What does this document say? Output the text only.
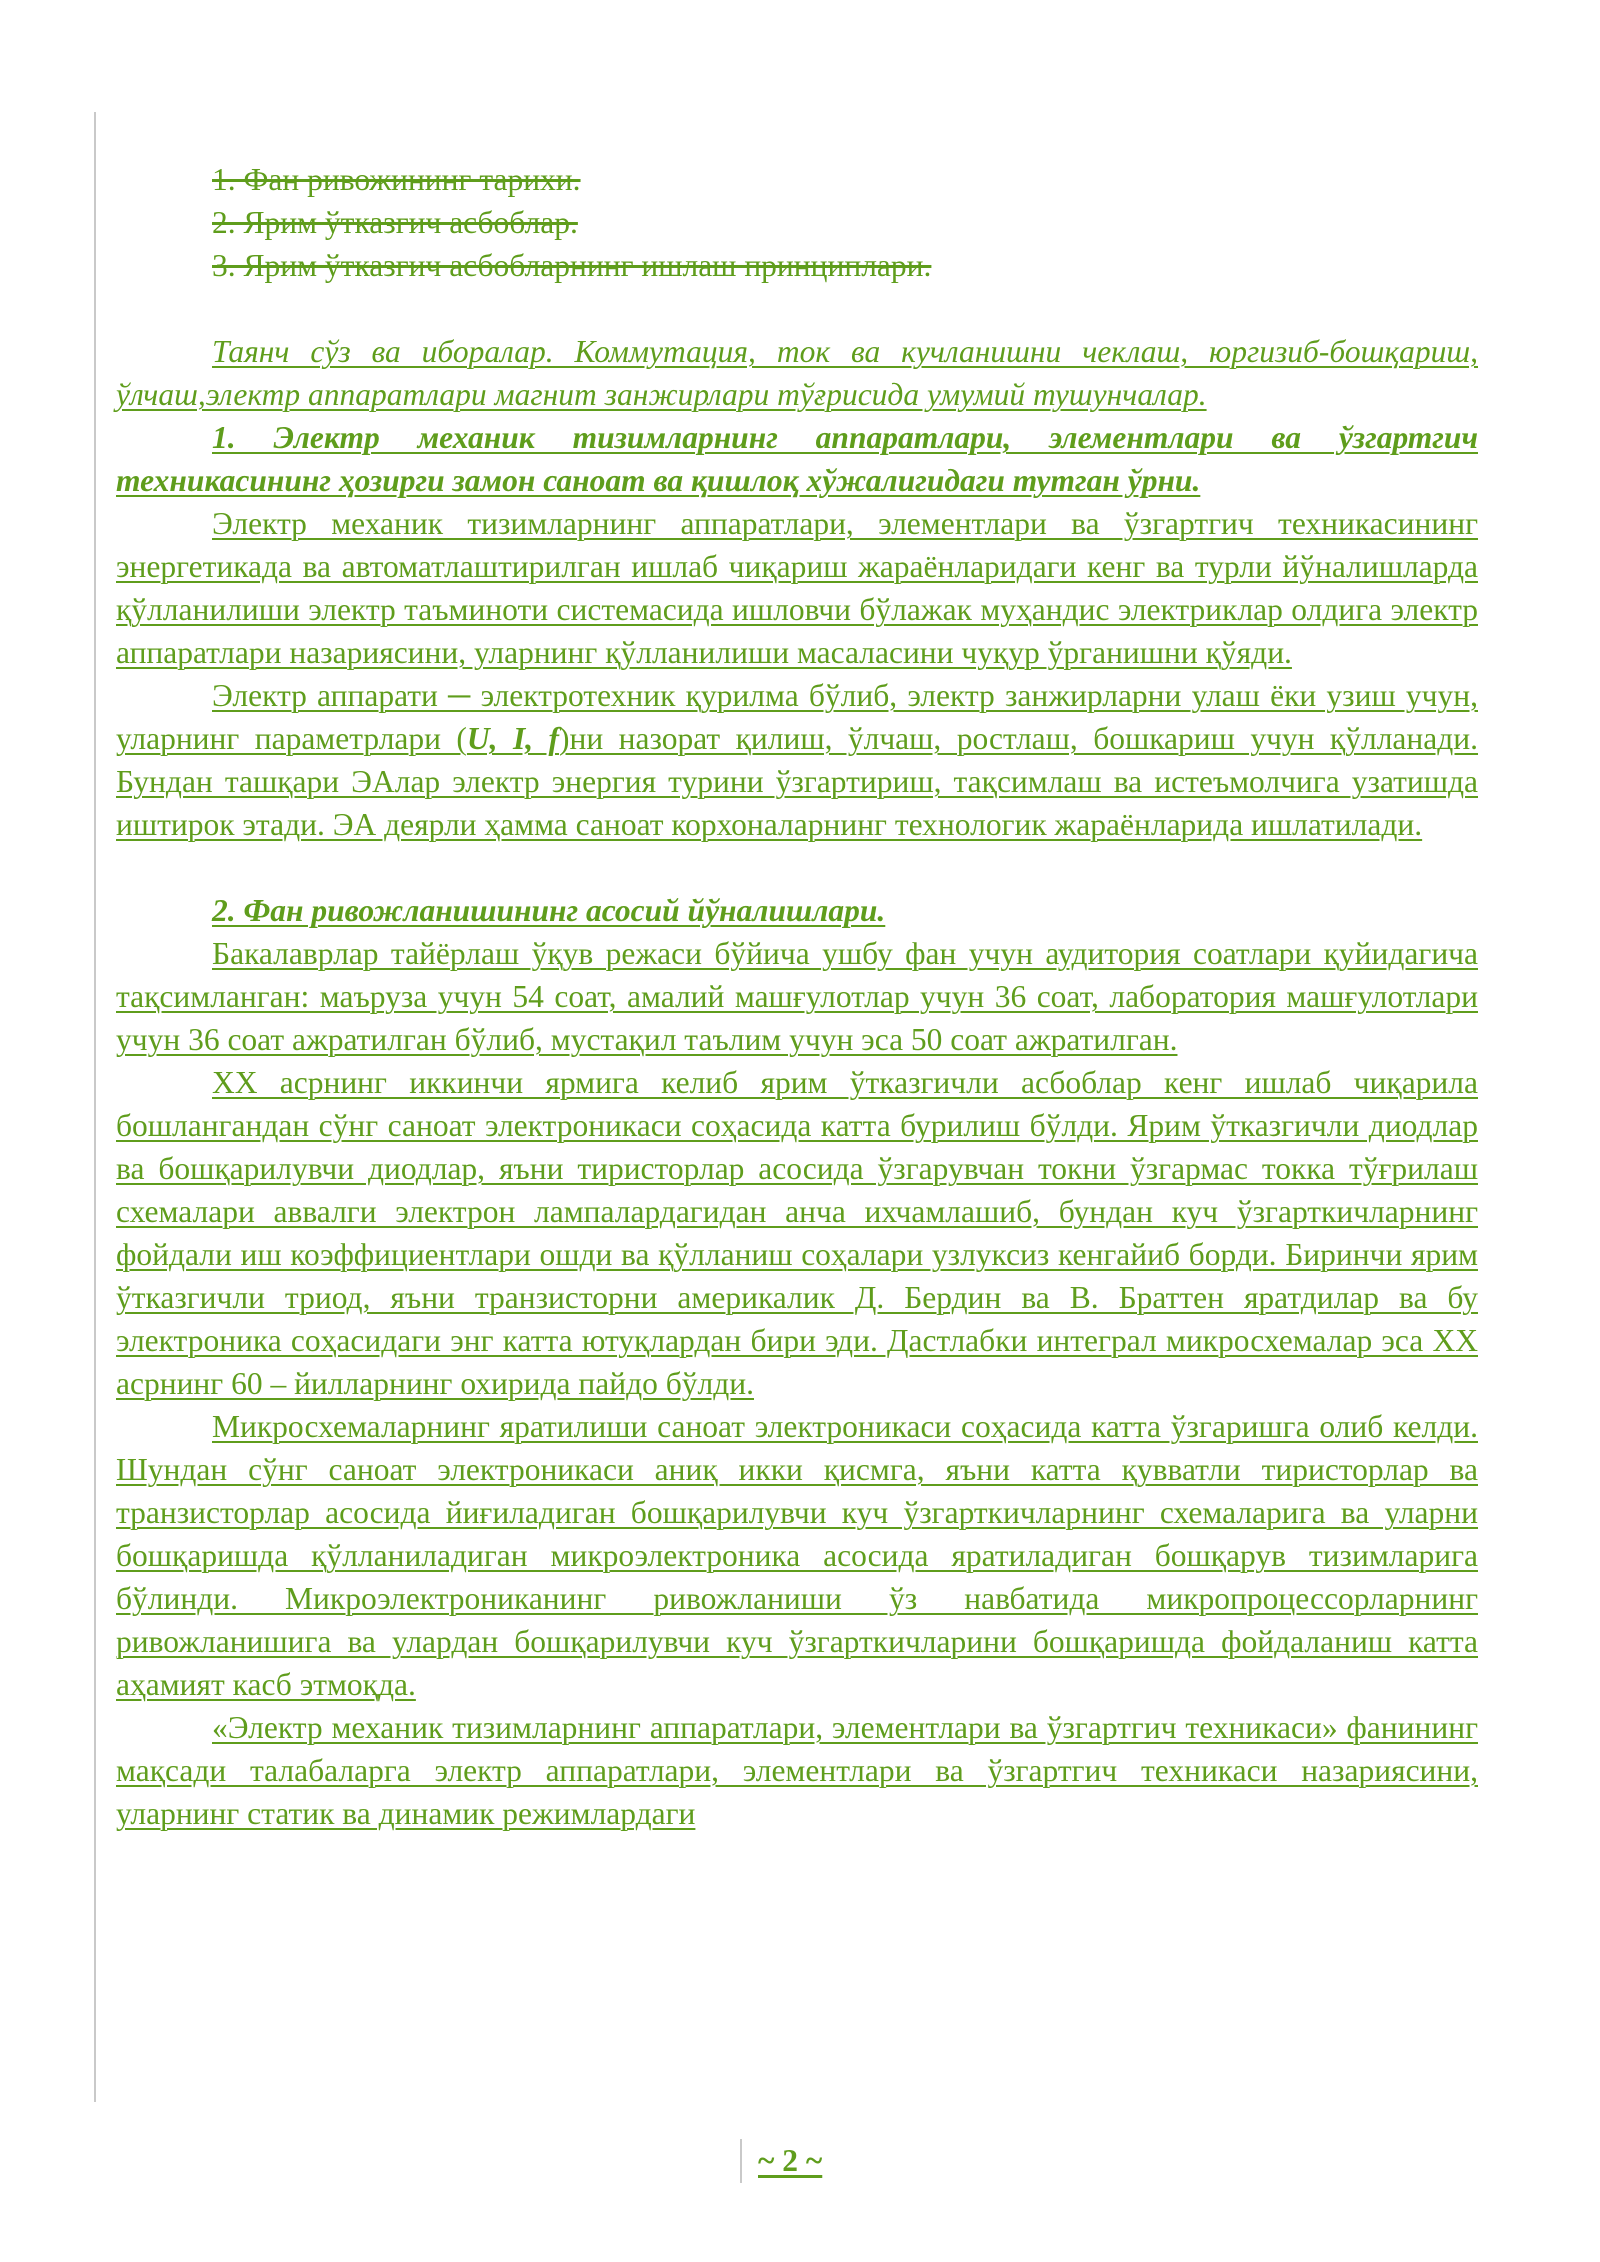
1. Фан ривожининг тарихи.

2. Ярим ўтказгич асбоблар.

3. Ярим ўтказгич асбобларнинг ишлаш принциплари.

Таянч сўз ва иборалар. Коммутация, ток ва кучланишни чеклаш, юргизиб-бошқариш, ўлчаш,электр аппаратлари магнит занжирлари тўғрисида умумий тушунчалар.

1. Электр механик тизимларнинг аппаратлари, элементлари ва ўзгартгич техникасининг ҳозирги замон саноат ва қишлоқ хўжалигидаги тутган ўрни.

Электр механик тизимларнинг аппаратлари, элементлари ва ўзгартгич техникасининг энергетикада ва автоматлаштирилган ишлаб чиқариш жараёнларидаги кенг ва турли йўналишларда қўлланилиши электр таъминоти системасида ишловчи бўлажак муҳандис электриклар олдига электр аппаратлари назариясини, уларнинг қўлланилиши масаласини чуқур ўрганишни қўяди.

Электр аппарати ─ электротехник қурилма бўлиб, электр занжирларни улаш ёки узиш учун, уларнинг параметрлари (U, I, f)ни назорат қилиш, ўлчаш, ростлаш, бошкариш учун қўлланади. Бундан ташқари ЭАлар электр энергия турини ўзгартириш, тақсимлаш ва истеъмолчига узатишда иштирок этади. ЭА деярли ҳамма саноат корхоналарнинг технологик жараёнларида ишлатилади.

2. Фан ривожланишининг асосий йўналишлари.

Бакалаврлар тайёрлаш ўқув режаси бўйича ушбу фан учун аудитория соатлари қуйидагича тақсимланган: маъруза учун 54 соат, амалий машғулотлар учун 36 соат, лаборатория машғулотлари учун 36 соат ажратилган бўлиб, мустақил таълим учун эса 50 соат ажратилган.

XX асрнинг иккинчи ярмига келиб ярим ўтказгичли асбоблар кенг ишлаб чиқарила бошлангандан сўнг саноат электроникаси соҳасида катта бурилиш бўлди. Ярим ўтказгичли диодлар ва бошқарилувчи диодлар, яъни тиристорлар асосида ўзгарувчан токни ўзгармас токка тўғрилаш схемалари аввалги электрон лампалардагидан анча ихчамлашиб, бундан куч ўзгарткичларнинг фойдали иш коэффициентлари ошди ва қўлланиш соҳалари узлуксиз кенгайиб борди. Биринчи ярим ўтказгичли триод, яъни транзисторни америкалик Д. Бердин ва В. Браттен яратдилар ва бу электроника соҳасидаги энг катта ютуқлардан бири эди. Дастлабки интеграл микросхемалар эса XX асрнинг 60 – йилларнинг охирида пайдо бўлди.

Микросхемаларнинг яратилиши саноат электроникаси соҳасида катта ўзгаришга олиб келди. Шундан сўнг саноат электроникаси аниқ икки қисмга, яъни катта қувватли тиристорлар ва транзисторлар асосида йиғиладиган бошқарилувчи куч ўзгарткичларнинг схемаларига ва уларни бошқаришда қўлланиладиган микроэлектроника асосида яратиладиган бошқарув тизимларига бўлинди. Микроэлектрониканинг ривожланиши ўз навбатида микропроцессорларнинг ривожланишига ва улардан бошқарилувчи куч ўзгарткичларини бошқаришда фойдаланиш катта аҳамият касб этмоқда.

«Электр механик тизимларнинг аппаратлари, элементлари ва ўзгартгич техникаси» фанининг мақсади талабаларга электр аппаратлари, элементлари ва ўзгартгич техникаси назариясини, уларнинг статик ва динамик режимлардаги

~ 2 ~
